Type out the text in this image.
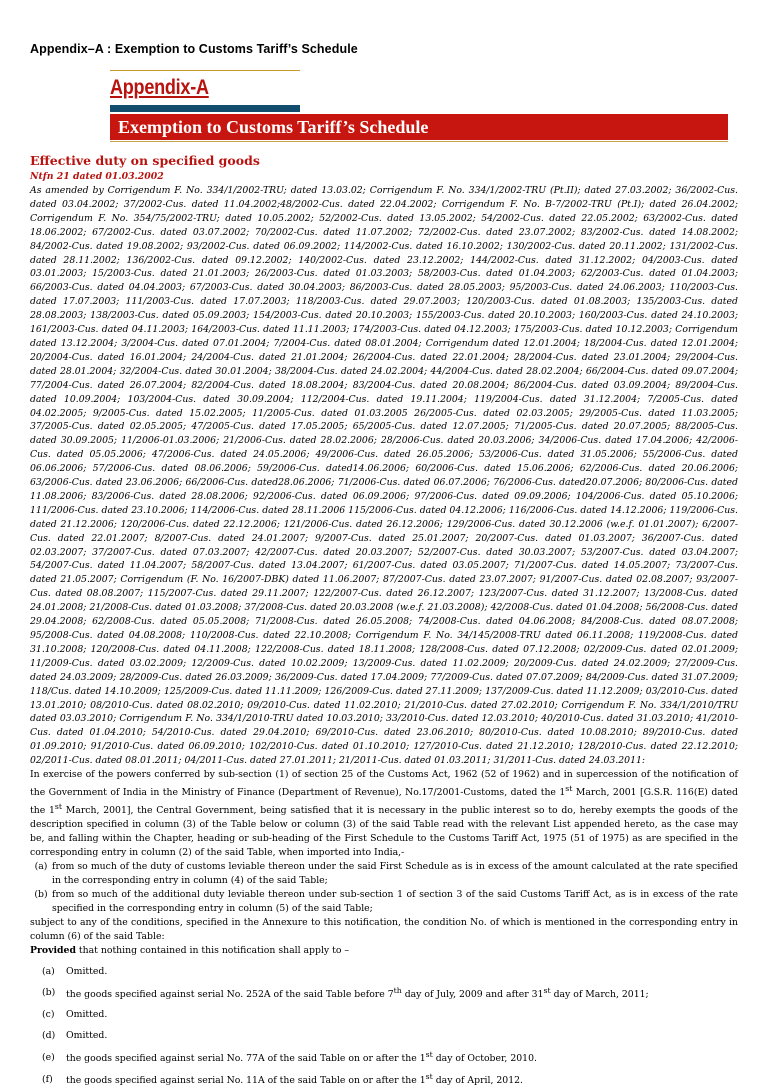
Appendix–A : Exemption to Customs Tariff’s Schedule
Appendix-A
Exemption to Customs Tariff’s Schedule

Effective duty on specified goods

Ntfn 21 dated 01.03.2002

As amended by Corrigendum F. No. 334/1/2002-TRU; dated 13.03.02; Corrigendum F. No. 334/1/2002-TRU (Pt.II); dated 27.03.2002; 36/2002-Cus. dated 03.04.2002; 37/2002-Cus. dated 11.04.2002;48/2002-Cus. dated 22.04.2002; Corrigendum F. No. B-7/2002-TRU (Pt.I); dated 26.04.2002; Corrigendum F. No. 354/75/2002-TRU; dated 10.05.2002; 52/2002-Cus. dated 13.05.2002; 54/2002-Cus. dated 22.05.2002; 63/2002-Cus. dated 18.06.2002; 67/2002-Cus. dated 03.07.2002; 70/2002-Cus. dated 11.07.2002; 72/2002-Cus. dated 23.07.2002; 83/2002-Cus. dated 14.08.2002; 84/2002-Cus. dated 19.08.2002; 93/2002-Cus. dated 06.09.2002; 114/2002-Cus. dated 16.10.2002; 130/2002-Cus. dated 20.11.2002; 131/2002-Cus. dated 28.11.2002; 136/2002-Cus. dated 09.12.2002; 140/2002-Cus. dated 23.12.2002; 144/2002-Cus. dated 31.12.2002; 04/2003-Cus. dated 03.01.2003; 15/2003-Cus. dated 21.01.2003; 26/2003-Cus. dated 01.03.2003; 58/2003-Cus. dated 01.04.2003; 62/2003-Cus. dated 01.04.2003; 66/2003-Cus. dated 04.04.2003; 67/2003-Cus. dated 30.04.2003; 86/2003-Cus. dated 28.05.2003; 95/2003-Cus. dated 24.06.2003; 110/2003-Cus. dated 17.07.2003; 111/2003-Cus. dated 17.07.2003; 118/2003-Cus. dated 29.07.2003; 120/2003-Cus. dated 01.08.2003; 135/2003-Cus. dated 28.08.2003; 138/2003-Cus. dated 05.09.2003; 154/2003-Cus. dated 20.10.2003; 155/2003-Cus. dated 20.10.2003; 160/2003-Cus. dated 24.10.2003; 161/2003-Cus. dated 04.11.2003; 164/2003-Cus. dated 11.11.2003; 174/2003-Cus. dated 04.12.2003; 175/2003-Cus. dated 10.12.2003; Corrigendum dated 13.12.2004; 3/2004-Cus. dated 07.01.2004; 7/2004-Cus. dated 08.01.2004; Corrigendum dated 12.01.2004; 18/2004-Cus. dated 12.01.2004; 20/2004-Cus. dated 16.01.2004; 24/2004-Cus. dated 21.01.2004; 26/2004-Cus. dated 22.01.2004; 28/2004-Cus. dated 23.01.2004; 29/2004-Cus. dated 28.01.2004; 32/2004-Cus. dated 30.01.2004; 38/2004-Cus. dated 24.02.2004; 44/2004-Cus. dated 28.02.2004; 66/2004-Cus. dated 09.07.2004; 77/2004-Cus. dated 26.07.2004; 82/2004-Cus. dated 18.08.2004; 83/2004-Cus. dated 20.08.2004; 86/2004-Cus. dated 03.09.2004; 89/2004-Cus. dated 10.09.2004; 103/2004-Cus. dated 30.09.2004; 112/2004-Cus. dated 19.11.2004; 119/2004-Cus. dated 31.12.2004; 7/2005-Cus. dated 04.02.2005; 9/2005-Cus. dated 15.02.2005; 11/2005-Cus. dated 01.03.2005 26/2005-Cus. dated 02.03.2005; 29/2005-Cus. dated 11.03.2005; 37/2005-Cus. dated 02.05.2005; 47/2005-Cus. dated 17.05.2005; 65/2005-Cus. dated 12.07.2005; 71/2005-Cus. dated 20.07.2005; 88/2005-Cus. dated 30.09.2005; 11/2006-01.03.2006; 21/2006-Cus. dated 28.02.2006; 28/2006-Cus. dated 20.03.2006; 34/2006-Cus. dated 17.04.2006; 42/2006-Cus. dated 05.05.2006; 47/2006-Cus. dated 24.05.2006; 49/2006-Cus. dated 26.05.2006; 53/2006-Cus. dated 31.05.2006; 55/2006-Cus. dated 06.06.2006; 57/2006-Cus. dated 08.06.2006; 59/2006-Cus. dated14.06.2006; 60/2006-Cus. dated 15.06.2006; 62/2006-Cus. dated 20.06.2006; 63/2006-Cus. dated 23.06.2006; 66/2006-Cus. dated28.06.2006; 71/2006-Cus. dated 06.07.2006; 76/2006-Cus. dated20.07.2006; 80/2006-Cus. dated 11.08.2006; 83/2006-Cus. dated 28.08.2006; 92/2006-Cus. dated 06.09.2006; 97/2006-Cus. dated 09.09.2006; 104/2006-Cus. dated 05.10.2006; 111/2006-Cus. dated 23.10.2006; 114/2006-Cus. dated 28.11.2006 115/2006-Cus. dated 04.12.2006; 116/2006-Cus. dated 14.12.2006; 119/2006-Cus. dated 21.12.2006; 120/2006-Cus. dated 22.12.2006; 121/2006-Cus. dated 26.12.2006; 129/2006-Cus. dated 30.12.2006 (w.e.f. 01.01.2007); 6/2007-Cus. dated 22.01.2007; 8/2007-Cus. dated 24.01.2007; 9/2007-Cus. dated 25.01.2007; 20/2007-Cus. dated 01.03.2007; 36/2007-Cus. dated 02.03.2007; 37/2007-Cus. dated 07.03.2007; 42/2007-Cus. dated 20.03.2007; 52/2007-Cus. dated 30.03.2007; 53/2007-Cus. dated 03.04.2007; 54/2007-Cus. dated 11.04.2007; 58/2007-Cus. dated 13.04.2007; 61/2007-Cus. dated 03.05.2007; 71/2007-Cus. dated 14.05.2007; 73/2007-Cus. dated 21.05.2007; Corrigendum (F. No. 16/2007-DBK) dated 11.06.2007; 87/2007-Cus. dated 23.07.2007; 91/2007-Cus. dated 02.08.2007; 93/2007-Cus. dated 08.08.2007; 115/2007-Cus. dated 29.11.2007; 122/2007-Cus. dated 26.12.2007; 123/2007-Cus. dated 31.12.2007; 13/2008-Cus. dated 24.01.2008; 21/2008-Cus. dated 01.03.2008; 37/2008-Cus. dated 20.03.2008 (w.e.f. 21.03.2008); 42/2008-Cus. dated 01.04.2008; 56/2008-Cus. dated 29.04.2008; 62/2008-Cus. dated 05.05.2008; 71/2008-Cus. dated 26.05.2008; 74/2008-Cus. dated 04.06.2008; 84/2008-Cus. dated 08.07.2008; 95/2008-Cus. dated 04.08.2008; 110/2008-Cus. dated 22.10.2008; Corrigendum F. No. 34/145/2008-TRU dated 06.11.2008; 119/2008-Cus. dated 31.10.2008; 120/2008-Cus. dated 04.11.2008; 122/2008-Cus. dated 18.11.2008; 128/2008-Cus. dated 07.12.2008; 02/2009-Cus. dated 02.01.2009; 11/2009-Cus. dated 03.02.2009; 12/2009-Cus. dated 10.02.2009; 13/2009-Cus. dated 11.02.2009; 20/2009-Cus. dated 24.02.2009; 27/2009-Cus. dated 24.03.2009; 28/2009-Cus. dated 26.03.2009; 36/2009-Cus. dated 17.04.2009; 77/2009-Cus. dated 07.07.2009; 84/2009-Cus. dated 31.07.2009; 118/Cus. dated 14.10.2009; 125/2009-Cus. dated 11.11.2009; 126/2009-Cus. dated 27.11.2009; 137/2009-Cus. dated 11.12.2009; 03/2010-Cus. dated 13.01.2010; 08/2010-Cus. dated 08.02.2010; 09/2010-Cus. dated 11.02.2010; 21/2010-Cus. dated 27.02.2010; Corrigendum F. No. 334/1/2010/TRU dated 03.03.2010; Corrigendum F. No. 334/1/2010-TRU dated 10.03.2010; 33/2010-Cus. dated 12.03.2010; 40/2010-Cus. dated 31.03.2010; 41/2010-Cus. dated 01.04.2010; 54/2010-Cus. dated 29.04.2010; 69/2010-Cus. dated 23.06.2010; 80/2010-Cus. dated 10.08.2010; 89/2010-Cus. dated 01.09.2010; 91/2010-Cus. dated 06.09.2010; 102/2010-Cus. dated 01.10.2010; 127/2010-Cus. dated 21.12.2010; 128/2010-Cus. dated 22.12.2010; 02/2011-Cus. dated 08.01.2011; 04/2011-Cus. dated 27.01.2011; 21/2011-Cus. dated 01.03.2011; 31/2011-Cus. dated 24.03.2011:

In exercise of the powers conferred by sub-section (1) of section 25 of the Customs Act, 1962 (52 of 1962) and in supercession of the notification of the Government of India in the Ministry of Finance (Department of Revenue), No.17/2001-Customs, dated the 1st March, 2001 [G.S.R. 116(E) dated the 1st March, 2001], the Central Government, being satisfied that it is necessary in the public interest so to do, hereby exempts the goods of the description specified in column (3) of the Table below or column (3) of the said Table read with the relevant List appended hereto, as the case may be, and falling within the Chapter, heading or sub-heading of the First Schedule to the Customs Tariff Act, 1975 (51 of 1975) as are specified in the corresponding entry in column (2) of the said Table, when imported into India,-

(a) from so much of the duty of customs leviable thereon under the said First Schedule as is in excess of the amount calculated at the rate specified in the corresponding entry in column (4) of the said Table;
(b) from so much of the additional duty leviable thereon under sub-section 1 of section 3 of the said Customs Tariff Act, as is in excess of the rate specified in the corresponding entry in column (5) of the said Table;

subject to any of the conditions, specified in the Annexure to this notification, the condition No. of which is mentioned in the corresponding entry in column (6) of the said Table:

Provided that nothing contained in this notification shall apply to –

(a)	Omitted.
(b)	the goods specified against serial No. 252A of the said Table before 7th day of July, 2009 and after 31st day of March, 2011;
(c)	Omitted.
(d)	Omitted.
(e)	the goods specified against serial No. 77A of the said Table on or after the 1st day of October, 2010.
(f)	the goods specified against serial No. 11A of the said Table on or after the 1st day of April, 2012.
